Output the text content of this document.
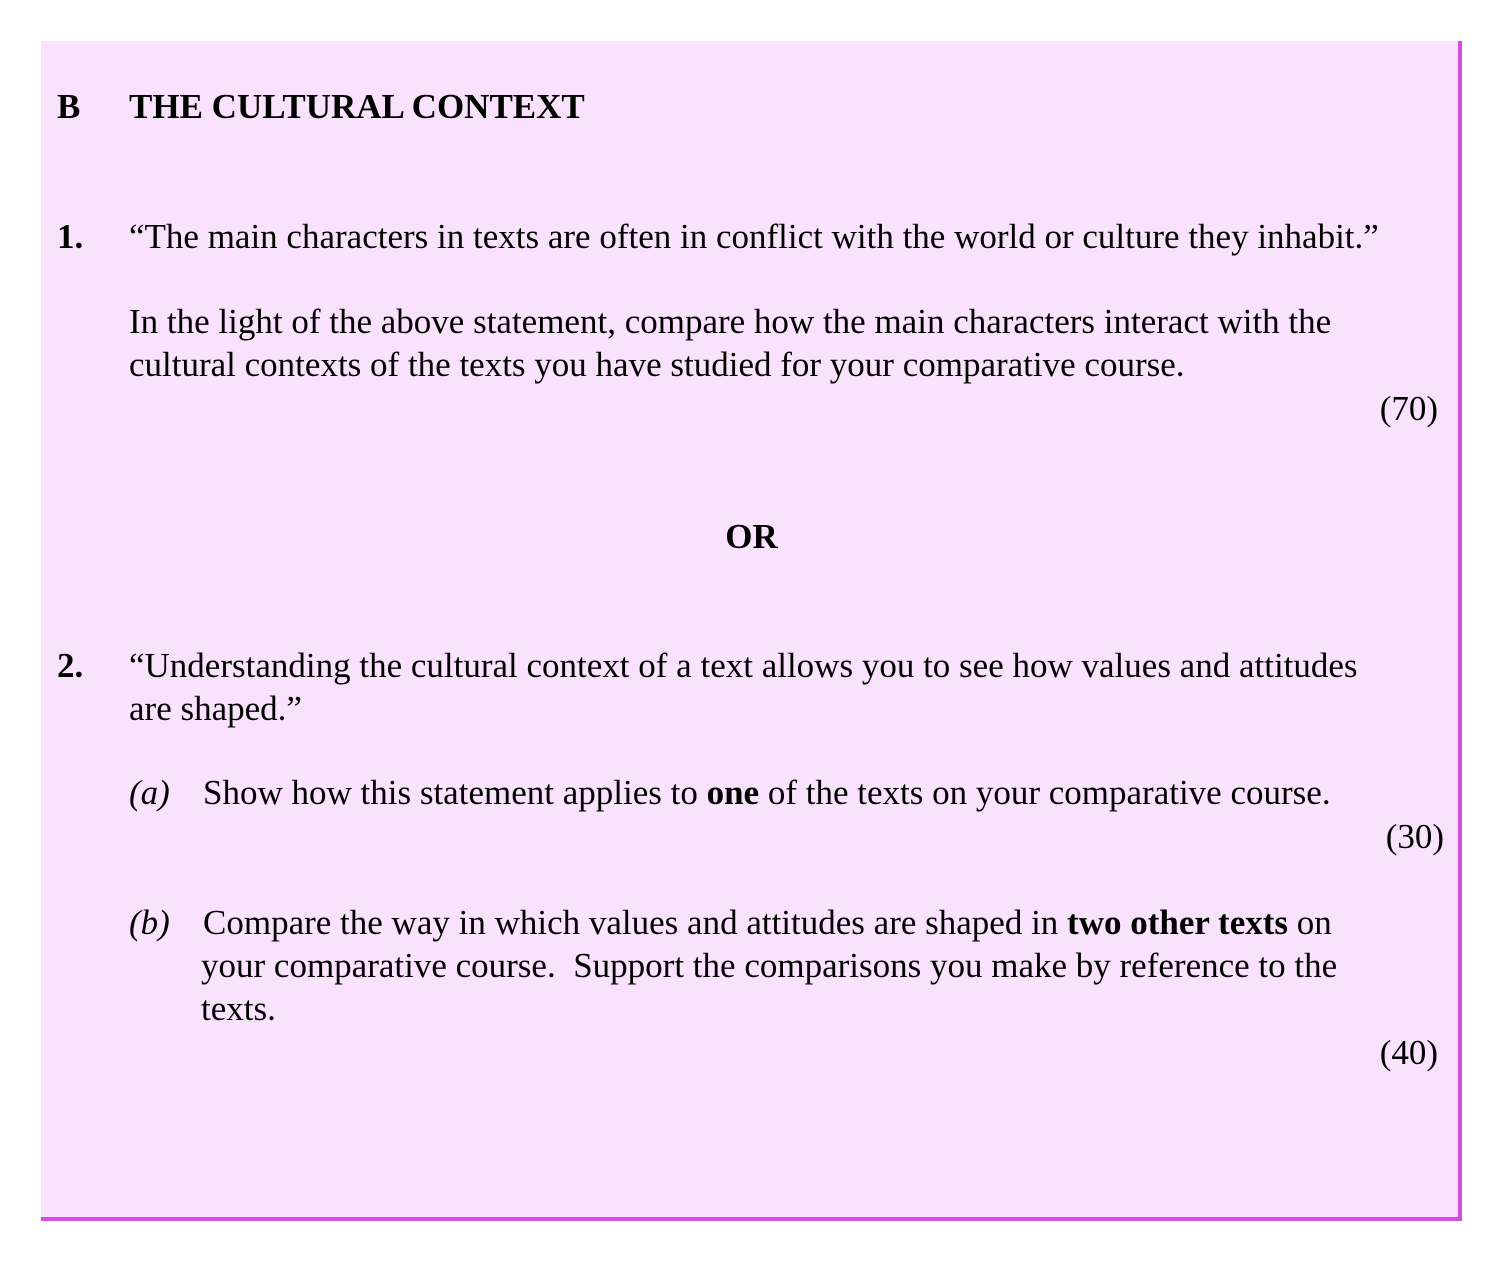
B THE CULTURAL CONTEXT
1. “The main characters in texts are often in conflict with the world or culture they inhabit.”
In the light of the above statement, compare how the main characters interact with the
cultural contexts of the texts you have studied for your comparative course.
(70)
OR
2. “Understanding the cultural context of a text allows you to see how values and attitudes
are shaped.”
(a) Show how this statement applies to one of the texts on your comparative course.
(30)
(b) Compare the way in which values and attitudes are shaped in two other texts on
your comparative course.  Support the comparisons you make by reference to the
texts.
(40)
